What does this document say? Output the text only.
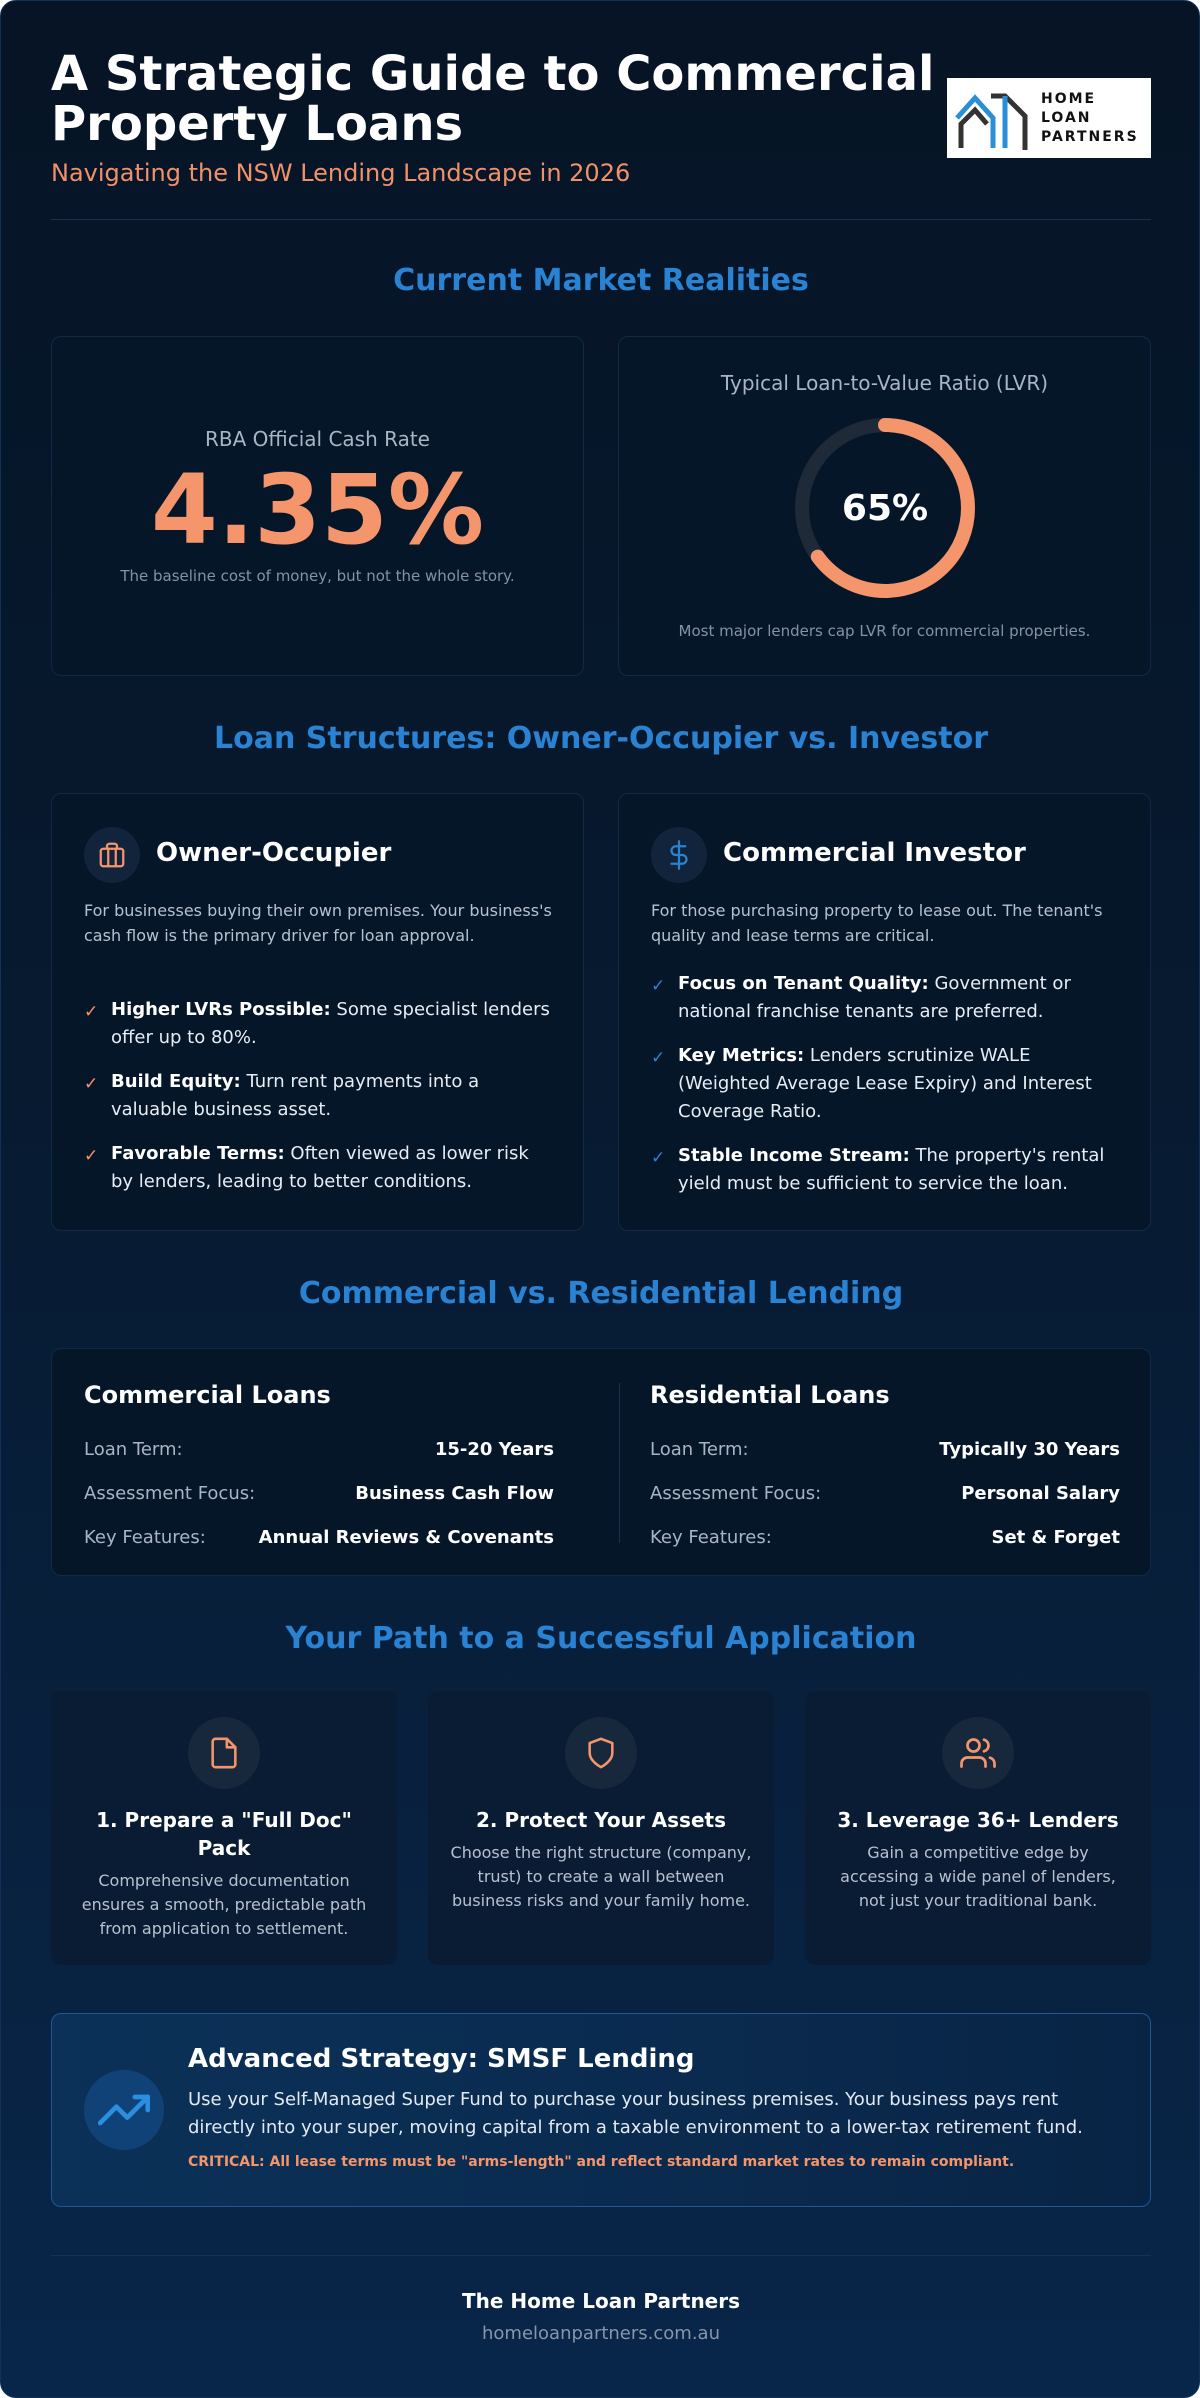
A Strategic Guide to Commercial Property Loans
Navigating the NSW Lending Landscape in 2026
HOME
LOAN
PARTNERS
Current Market Realities
RBA Official Cash Rate
4.35%
The baseline cost of money, but not the whole story.
Typical Loan-to-Value Ratio (LVR)
65%
Most major lenders cap LVR for commercial properties.
Loan Structures: Owner-Occupier vs. Investor
Owner-Occupier
For businesses buying their own premises. Your business's cash flow is the primary driver for loan approval.
✓ Higher LVRs Possible: Some specialist lenders offer up to 80%.
✓ Build Equity: Turn rent payments into a valuable business asset.
✓ Favorable Terms: Often viewed as lower risk by lenders, leading to better conditions.
Commercial Investor
For those purchasing property to lease out. The tenant's quality and lease terms are critical.
✓ Focus on Tenant Quality: Government or national franchise tenants are preferred.
✓ Key Metrics: Lenders scrutinize WALE (Weighted Average Lease Expiry) and Interest Coverage Ratio.
✓ Stable Income Stream: The property's rental yield must be sufficient to service the loan.
Commercial vs. Residential Lending
Commercial Loans
Loan Term:	15-20 Years
Assessment Focus:	Business Cash Flow
Key Features:	Annual Reviews & Covenants
Residential Loans
Loan Term:	Typically 30 Years
Assessment Focus:	Personal Salary
Key Features:	Set & Forget
Your Path to a Successful Application
1. Prepare a "Full Doc" Pack
Comprehensive documentation ensures a smooth, predictable path from application to settlement.
2. Protect Your Assets
Choose the right structure (company, trust) to create a wall between business risks and your family home.
3. Leverage 36+ Lenders
Gain a competitive edge by accessing a wide panel of lenders, not just your traditional bank.
Advanced Strategy: SMSF Lending
Use your Self-Managed Super Fund to purchase your business premises. Your business pays rent directly into your super, moving capital from a taxable environment to a lower-tax retirement fund.
CRITICAL: All lease terms must be "arms-length" and reflect standard market rates to remain compliant.
The Home Loan Partners
homeloanpartners.com.au
